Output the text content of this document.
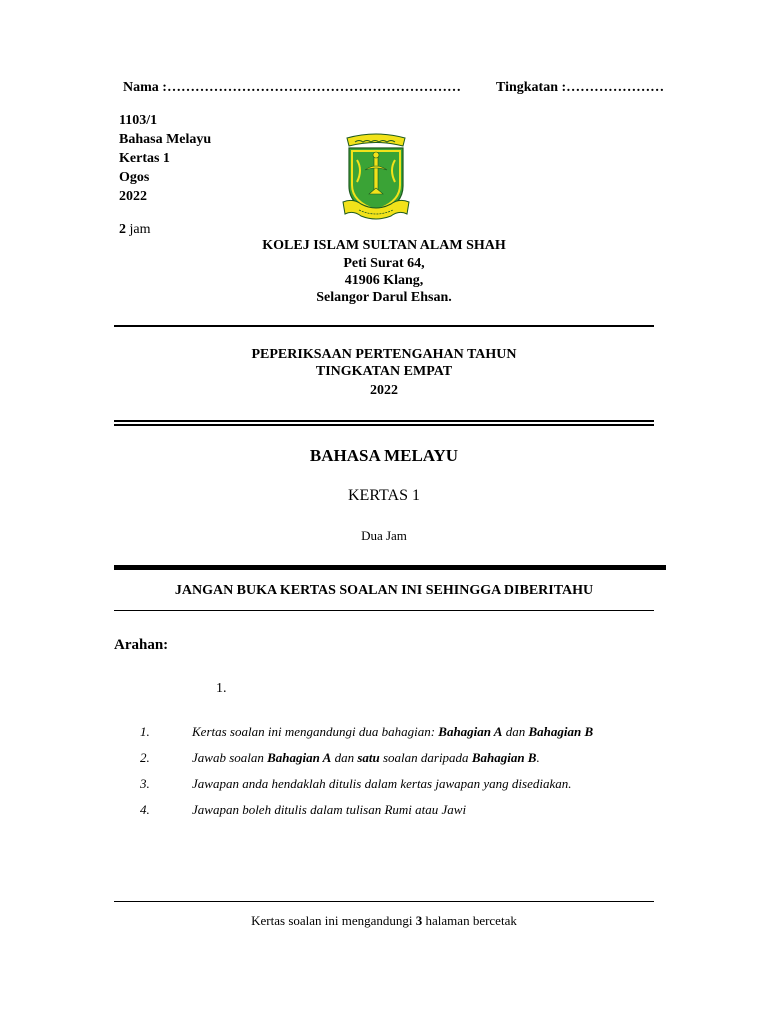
Nama :………………………………………………………	Tingkatan :…………………
1103/1
Bahasa Melayu
Kertas 1
Ogos
2022
2 jam
KOLEJ ISLAM SULTAN ALAM SHAH
Peti Surat 64,
41906 Klang,
Selangor Darul Ehsan.
PEPERIKSAAN PERTENGAHAN TAHUN
TINGKATAN EMPAT
2022
BAHASA MELAYU
KERTAS 1
Dua Jam
JANGAN BUKA KERTAS SOALAN INI SEHINGGA DIBERITAHU
Arahan:
1.
1.	Kertas soalan ini mengandungi dua bahagian: Bahagian A dan Bahagian B
2.	Jawab soalan Bahagian A dan satu soalan daripada Bahagian B.
3.	Jawapan anda hendaklah ditulis dalam kertas jawapan yang disediakan.
4.	Jawapan boleh ditulis dalam tulisan Rumi atau Jawi
Kertas soalan ini mengandungi 3 halaman bercetak
